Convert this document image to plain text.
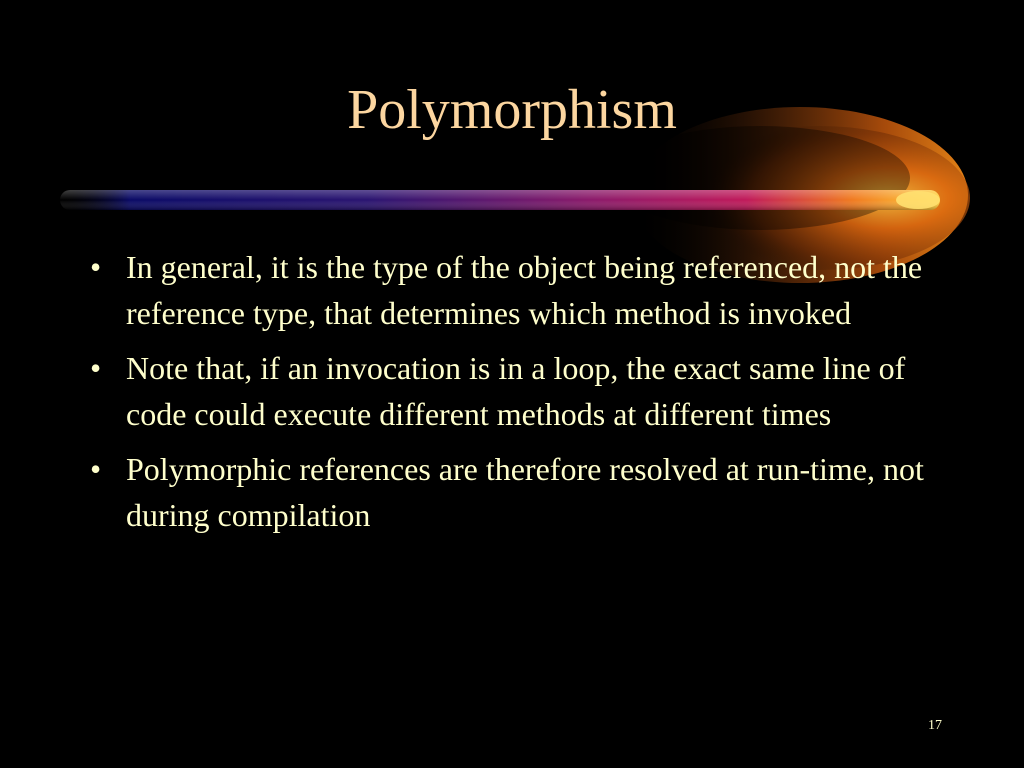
Polymorphism
• In general, it is the type of the object being referenced, not the reference type, that determines which method is invoked
• Note that, if an invocation is in a loop, the exact same line of code could execute different methods at different times
• Polymorphic references are therefore resolved at run-time, not during compilation
17
